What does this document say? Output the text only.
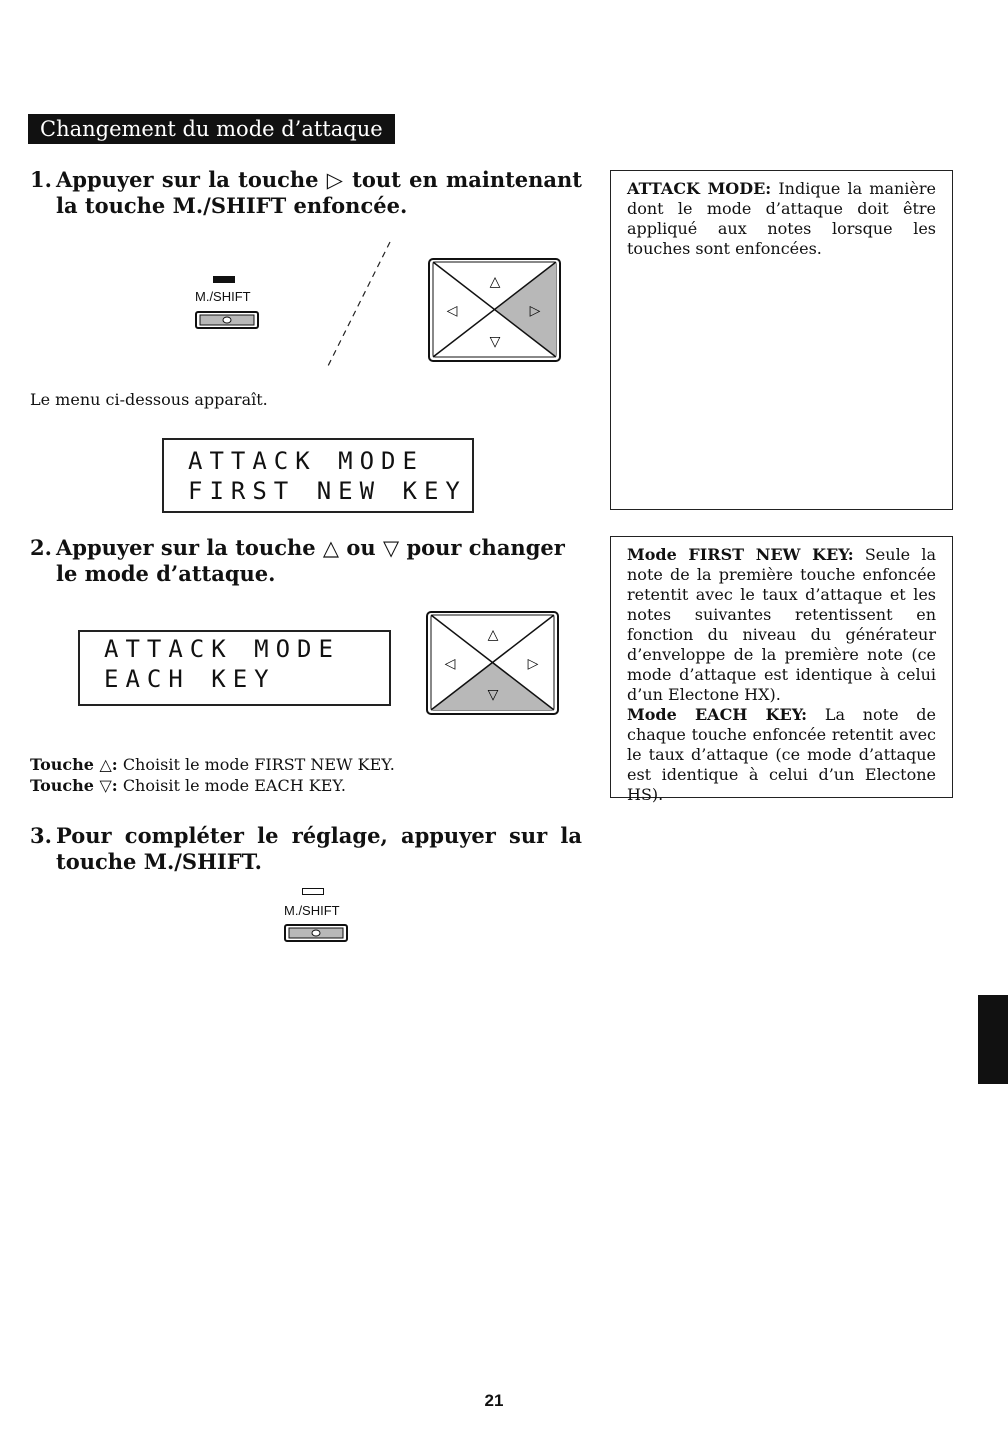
Changement du mode d’attaque
1. Appuyer sur la touche ▷ tout en maintenant la touche M./SHIFT enfoncée.
M./SHIFT
△
▽
◁	▷
Le menu ci-dessous apparaît.
ATTACK MODE
FIRST NEW KEY
2. Appuyer sur la touche △ ou ▽ pour changer le mode d’attaque.
ATTACK MODE
EACH KEY
△
▽
◁	▷
Touche △: Choisit le mode FIRST NEW KEY.
Touche ▽: Choisit le mode EACH KEY.
3. Pour compléter le réglage, appuyer sur la touche M./SHIFT.
M./SHIFT
ATTACK MODE: Indique la manière dont le mode d’attaque doit être appliqué aux notes lorsque les touches sont enfoncées.
Mode FIRST NEW KEY: Seule la note de la première touche enfoncée retentit avec le taux d’attaque et les notes suivantes retentissent en fonction du niveau du générateur d’enveloppe de la première note (ce mode d’attaque est identique à celui d’un Electone HX).
Mode EACH KEY: La note de chaque touche enfoncée retentit avec le taux d’attaque (ce mode d’attaque est identique à celui d’un Electone HS).
21
